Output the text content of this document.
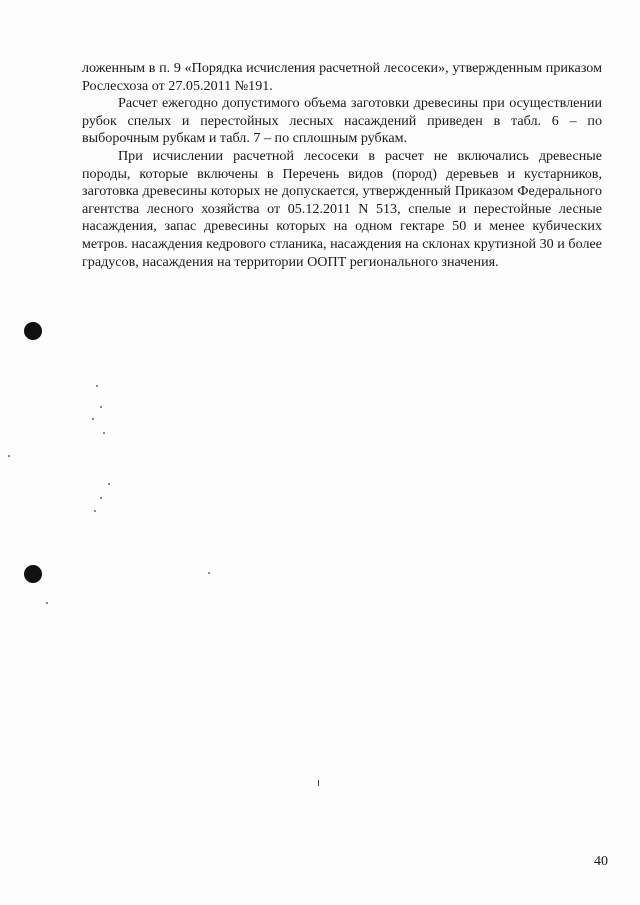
ложенным в п. 9 «Порядка исчисления расчетной лесосеки», утвержденным приказом Рослесхоза от 27.05.2011 №191.

Расчет ежегодно допустимого объема заготовки древесины при осуществлении рубок спелых и перестойных лесных насаждений приведен в табл. 6 – по выборочным рубкам и табл. 7 – по сплошным рубкам.

При исчислении расчетной лесосеки в расчет не включались древесные породы, которые включены в Перечень видов (пород) деревьев и кустарников, заготовка древесины которых не допускается, утвержденный Приказом Федерального агентства лесного хозяйства от 05.12.2011 N 513, спелые и перестойные лесные насаждения, запас древесины которых на одном гектаре 50 и менее кубических метров. насаждения кедрового стланика, насаждения на склонах крутизной 30 и более градусов, насаждения на территории ООПТ регионального значения.

40
